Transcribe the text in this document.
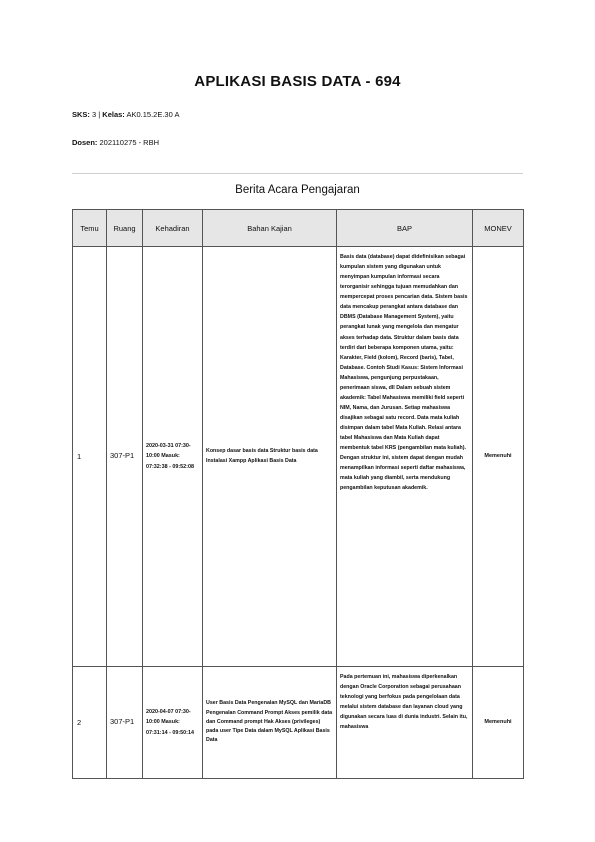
APLIKASI BASIS DATA - 694
SKS: 3 | Kelas: AK0.15.2E.30 A
Dosen: 202110275 - RBH
Berita Acara Pengajaran
Temu	Ruang	Kehadiran	Bahan Kajian	BAP	MONEV
1	307-P1	2020-03-31 07:30-10:00 Masuk: 07:32:38 - 09:52:08	Konsep dasar basis data Struktur basis data Instalasi Xampp Aplikasi Basis Data	Basis data (database) dapat didefinisikan sebagai kumpulan sistem yang digunakan untuk menyimpan kumpulan informasi secara terorganisir sehingga tujuan memudahkan dan mempercepat proses pencarian data. Sistem basis data mencakup perangkat antara database dan DBMS (Database Management System), yaitu perangkat lunak yang mengelola dan mengatur akses terhadap data. Struktur dalam basis data terdiri dari beberapa komponen utama, yaitu: Karakter, Field (kolom), Record (baris), Tabel, Database. Contoh Studi Kasus: Sistem Informasi Mahasiswa, pengunjung perpustakaan, penerimaan siswa, dll Dalam sebuah sistem akademik: Tabel Mahasiswa memiliki field seperti NIM, Nama, dan Jurusan. Setiap mahasiswa disajikan sebagai satu record. Data mata kuliah disimpan dalam tabel Mata Kuliah. Relasi antara tabel Mahasiswa dan Mata Kuliah dapat membentuk tabel KRS (pengambilan mata kuliah). Dengan struktur ini, sistem dapat dengan mudah menampilkan informasi seperti daftar mahasiswa, mata kuliah yang diambil, serta mendukung pengambilan keputusan akademik.	Memenuhi
2	307-P1	2020-04-07 07:30-10:00 Masuk: 07:31:14 - 09:50:14	User Basis Data Pengenalan MySQL dan MariaDB Pengenalan Command Prompt Akses pemilik data dan Command prompt Hak Akses (privileges) pada user Tipe Data dalam MySQL Aplikasi Basis Data	Pada pertemuan ini, mahasiswa diperkenalkan dengan Oracle Corporation sebagai perusahaan teknologi yang berfokus pada pengelolaan data melalui sistem database dan layanan cloud yang digunakan secara luas di dunia industri. Selain itu, mahasiswa	Memenuhi
